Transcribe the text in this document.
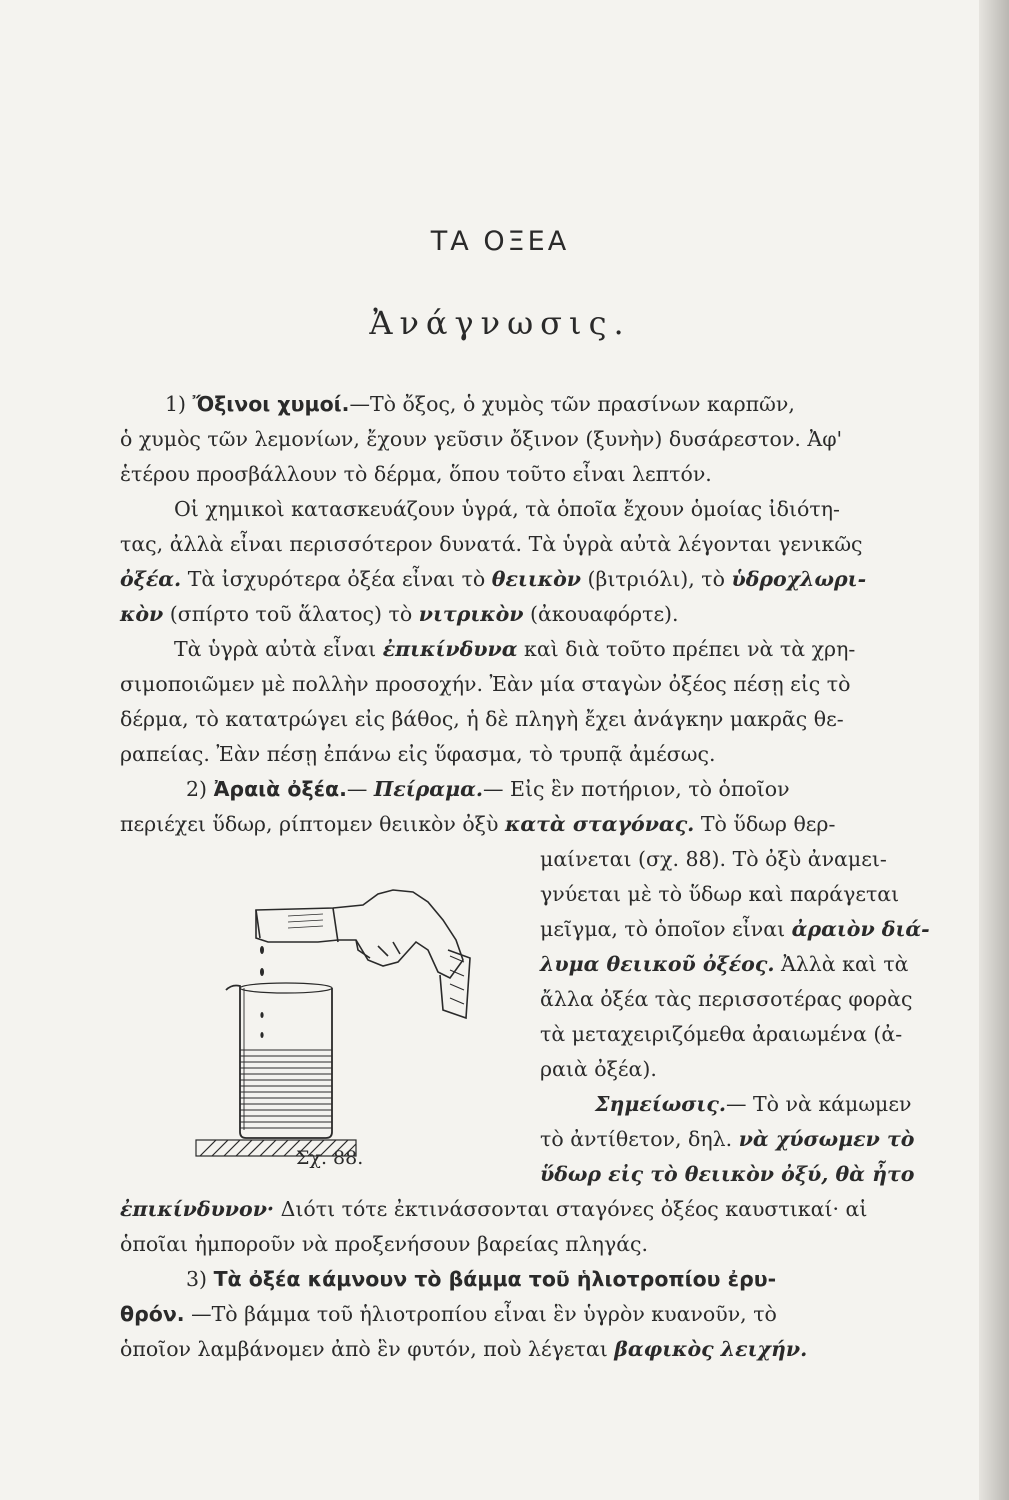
ΤΑ ΟΞΕΑ
Ἀνάγνωσις.
1) Ὄξινοι χυμοί.—Τὸ ὄξος, ὁ χυμὸς τῶν πρασίνων καρπῶν,
ὁ χυμὸς τῶν λεμονίων, ἔχουν γεῦσιν ὄξινον (ξυνὴν) δυσάρεστον. Ἀφ'
ἑτέρου προσβάλλουν τὸ δέρμα, ὅπου τοῦτο εἶναι λεπτόν.
Οἱ χημικοὶ κατασκευάζουν ὑγρά, τὰ ὁποῖα ἔχουν ὁμοίας ἰδιότη-
τας, ἀλλὰ εἶναι περισσότερον δυνατά. Τὰ ὑγρὰ αὐτὰ λέγονται γενικῶς
ὀξέα. Τὰ ἰσχυρότερα ὀξέα εἶναι τὸ θειικὸν (βιτριόλι), τὸ ὑδροχλωρι-
κὸν (σπίρτο τοῦ ἅλατος) τὸ νιτρικὸν (ἀκουαφόρτε).
Τὰ ὑγρὰ αὐτὰ εἶναι ἐπικίνδυνα καὶ διὰ τοῦτο πρέπει νὰ τὰ χρη-
σιμοποιῶμεν μὲ πολλὴν προσοχήν. Ἐὰν μία σταγὼν ὀξέος πέσῃ εἰς τὸ
δέρμα, τὸ κατατρώγει εἰς βάθος, ἡ δὲ πληγὴ ἔχει ἀνάγκην μακρᾶς θε-
ραπείας. Ἐὰν πέσῃ ἐπάνω εἰς ὕφασμα, τὸ τρυπᾷ ἀμέσως.
2) Ἀραιὰ ὀξέα.— Πείραμα.— Εἰς ἓν ποτήριον, τὸ ὁποῖον
περιέχει ὕδωρ, ρίπτομεν θειικὸν ὀξὺ κατὰ σταγόνας. Τὸ ὕδωρ θερ-
μαίνεται (σχ. 88). Τὸ ὀξὺ ἀναμει-
γνύεται μὲ τὸ ὕδωρ καὶ παράγεται
μεῖγμα, τὸ ὁποῖον εἶναι ἀραιὸν διά-
λυμα θειικοῦ ὀξέος. Ἀλλὰ καὶ τὰ
ἄλλα ὀξέα τὰς περισσοτέρας φορὰς
τὰ μεταχειριζόμεθα ἀραιωμένα (ἀ-
ραιὰ ὀξέα).
Σημείωσις.— Τὸ νὰ κάμωμεν
τὸ ἀντίθετον, δηλ. νὰ χύσωμεν τὸ
ὕδωρ εἰς τὸ θειικὸν ὀξύ, θὰ ἦτο
ἐπικίνδυνον· Διότι τότε ἐκτινάσσονται σταγόνες ὀξέος καυστικαί· αἱ
ὁποῖαι ἠμποροῦν νὰ προξενήσουν βαρείας πληγάς.
3) Τὰ ὀξέα κάμνουν τὸ βάμμα τοῦ ἡλιοτροπίου ἐρυ-
θρόν. —Τὸ βάμμα τοῦ ἡλιοτροπίου εἶναι ἓν ὑγρὸν κυανοῦν, τὸ
ὁποῖον λαμβάνομεν ἀπὸ ἓν φυτόν, ποὺ λέγεται βαφικὸς λειχήν.
Σχ. 88.
